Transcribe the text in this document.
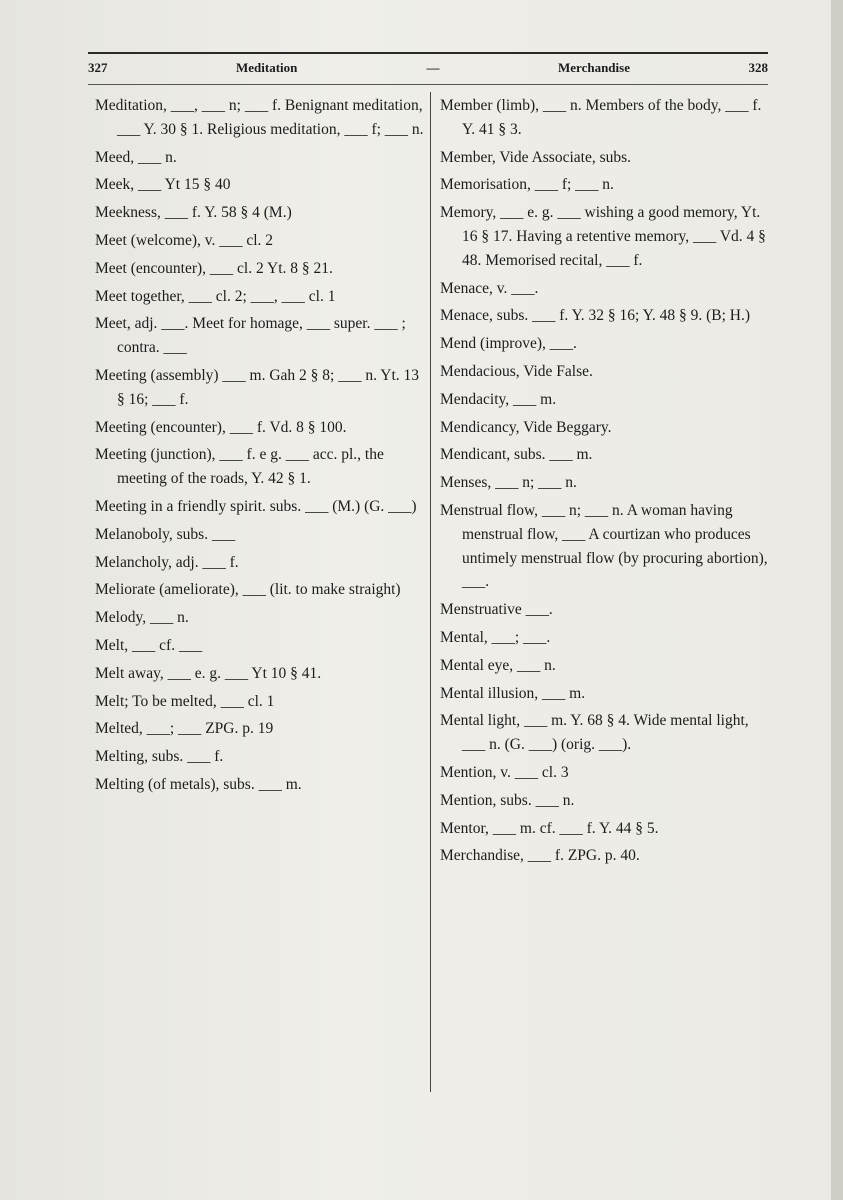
327	Meditation	—	Merchandise	328

Meditation, ___, ___ n; ___ f. Benignant meditation, ___ Y. 30 § 1. Religious meditation, ___ f; ___ n.

Meed, ___ n.

Meek, ___ Yt 15 § 40

Meekness, ___ f. Y. 58 § 4 (M.)

Meet (welcome), v. ___ cl. 2

Meet (encounter), ___ cl. 2 Yt. 8 § 21.

Meet together, ___ cl. 2; ___, ___ cl. 1

Meet, adj. ___. Meet for homage, ___ super. ___ ; contra. ___

Meeting (assembly) ___ m. Gah 2 § 8; ___ n. Yt. 13 § 16; ___ f.

Meeting (encounter), ___ f. Vd. 8 § 100.

Meeting (junction), ___ f. e g. ___ acc. pl., the meeting of the roads, Y. 42 § 1.

Meeting in a friendly spirit. subs. ___ (M.) (G. ___)

Melanoboly, subs. ___

Melancholy, adj. ___ f.

Meliorate (ameliorate), ___ (lit. to make straight)

Melody, ___ n.

Melt, ___ cf. ___

Melt away, ___ e. g. ___ Yt 10 § 41.

Melt; To be melted, ___ cl. 1

Melted, ___; ___ ZPG. p. 19

Melting, subs. ___ f.

Melting (of metals), subs. ___ m.

Member (limb), ___ n. Members of the body, ___ f. Y. 41 § 3.

Member, Vide Associate, subs.

Memorisation, ___ f; ___ n.

Memory, ___ e. g. ___ wishing a good memory, Yt. 16 § 17. Having a retentive memory, ___ Vd. 4 § 48. Memorised recital, ___ f.

Menace, v. ___.

Menace, subs. ___ f. Y. 32 § 16; Y. 48 § 9. (B; H.)

Mend (improve), ___.

Mendacious, Vide False.

Mendacity, ___ m.

Mendicancy, Vide Beggary.

Mendicant, subs. ___ m.

Menses, ___ n; ___ n.

Menstrual flow, ___ n; ___ n. A woman having menstrual flow, ___ A courtizan who produces untimely menstrual flow (by procuring abortion), ___.

Menstruative ___.

Mental, ___; ___.

Mental eye, ___ n.

Mental illusion, ___ m.

Mental light, ___ m. Y. 68 § 4. Wide mental light, ___ n. (G. ___) (orig. ___).

Mention, v. ___ cl. 3

Mention, subs. ___ n.

Mentor, ___ m. cf. ___ f. Y. 44 § 5.

Merchandise, ___ f. ZPG. p. 40.
